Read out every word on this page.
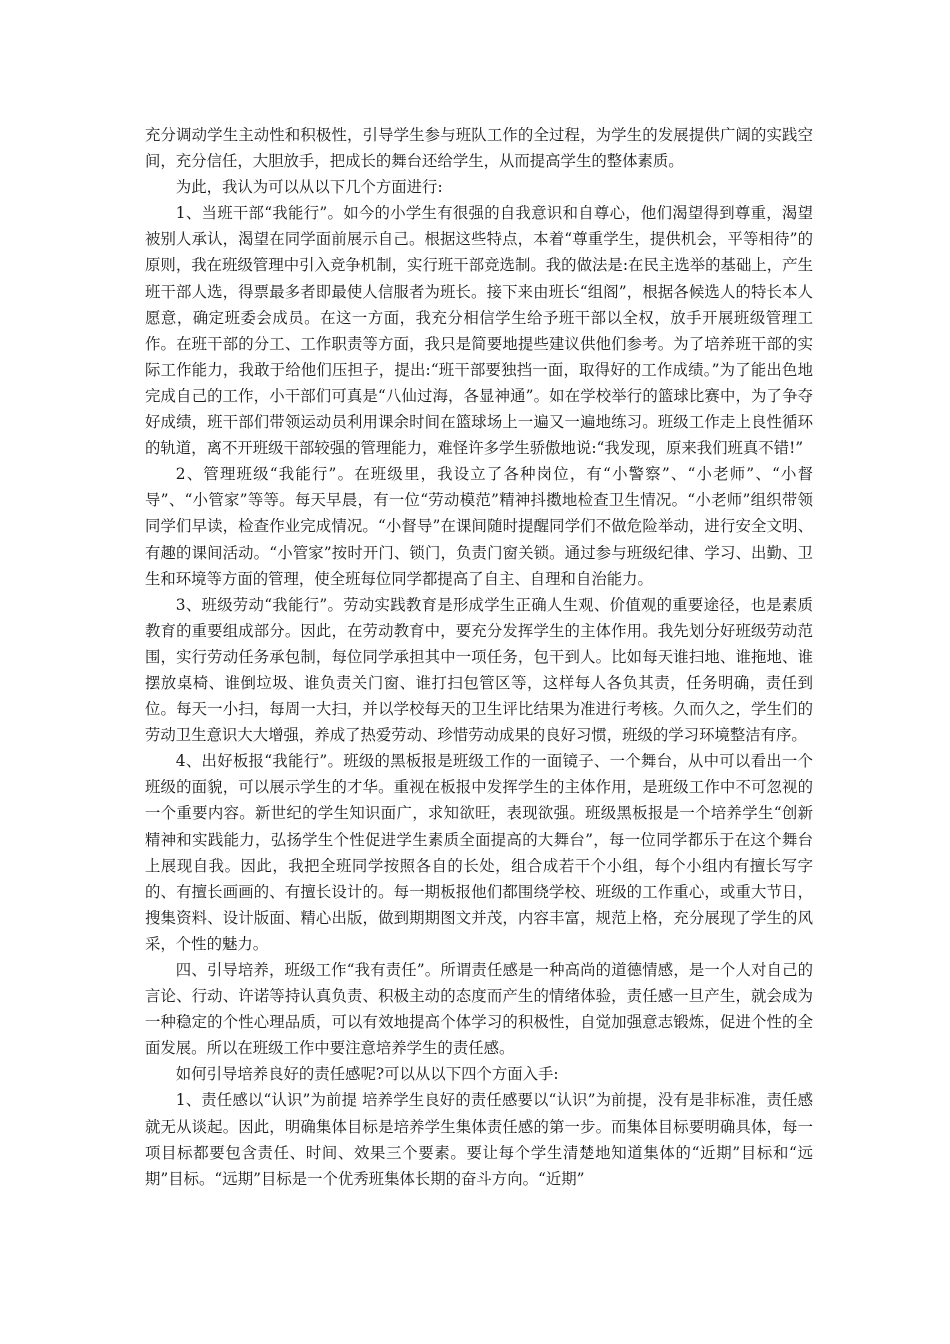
充分调动学生主动性和积极性，引导学生参与班队工作的全过程，为学生的发展提供广阔的实践空间，充分信任，大胆放手，把成长的舞台还给学生，从而提高学生的整体素质。

为此，我认为可以从以下几个方面进行:

1、当班干部“我能行”。如今的小学生有很强的自我意识和自尊心，他们渴望得到尊重，渴望被别人承认，渴望在同学面前展示自己。根据这些特点，本着“尊重学生，提供机会，平等相待”的原则，我在班级管理中引入竞争机制，实行班干部竞选制。我的做法是:在民主选举的基础上，产生班干部人选，得票最多者即最使人信服者为班长。接下来由班长“组阁”，根据各候选人的特长本人愿意，确定班委会成员。在这一方面，我充分相信学生给予班干部以全权，放手开展班级管理工作。在班干部的分工、工作职责等方面，我只是简要地提些建议供他们参考。为了培养班干部的实际工作能力，我敢于给他们压担子，提出:“班干部要独挡一面，取得好的工作成绩。”为了能出色地完成自己的工作，小干部们可真是“八仙过海，各显神通”。如在学校举行的篮球比赛中，为了争夺好成绩，班干部们带领运动员利用课余时间在篮球场上一遍又一遍地练习。班级工作走上良性循环的轨道，离不开班级干部较强的管理能力，难怪许多学生骄傲地说:“我发现，原来我们班真不错!”

2、管理班级“我能行”。在班级里，我设立了各种岗位，有“小警察”、“小老师”、“小督导”、“小管家”等等。每天早晨，有一位“劳动模范”精神抖擞地检查卫生情况。“小老师”组织带领同学们早读，检查作业完成情况。“小督导”在课间随时提醒同学们不做危险举动，进行安全文明、有趣的课间活动。“小管家”按时开门、锁门，负责门窗关锁。通过参与班级纪律、学习、出勤、卫生和环境等方面的管理，使全班每位同学都提高了自主、自理和自治能力。

3、班级劳动“我能行”。劳动实践教育是形成学生正确人生观、价值观的重要途径，也是素质教育的重要组成部分。因此，在劳动教育中，要充分发挥学生的主体作用。我先划分好班级劳动范围，实行劳动任务承包制，每位同学承担其中一项任务，包干到人。比如每天谁扫地、谁拖地、谁摆放桌椅、谁倒垃圾、谁负责关门窗、谁打扫包管区等，这样每人各负其责，任务明确，责任到位。每天一小扫，每周一大扫，并以学校每天的卫生评比结果为准进行考核。久而久之，学生们的劳动卫生意识大大增强，养成了热爱劳动、珍惜劳动成果的良好习惯，班级的学习环境整洁有序。

4、出好板报“我能行”。班级的黑板报是班级工作的一面镜子、一个舞台，从中可以看出一个班级的面貌，可以展示学生的才华。重视在板报中发挥学生的主体作用，是班级工作中不可忽视的一个重要内容。新世纪的学生知识面广，求知欲旺，表现欲强。班级黑板报是一个培养学生“创新精神和实践能力，弘扬学生个性促进学生素质全面提高的大舞台”，每一位同学都乐于在这个舞台上展现自我。因此，我把全班同学按照各自的长处，组合成若干个小组，每个小组内有擅长写字的、有擅长画画的、有擅长设计的。每一期板报他们都围绕学校、班级的工作重心，或重大节日，搜集资料、设计版面、精心出版，做到期期图文并茂，内容丰富，规范上格，充分展现了学生的风采，个性的魅力。

四、引导培养，班级工作“我有责任”。所谓责任感是一种高尚的道德情感，是一个人对自己的言论、行动、许诺等持认真负责、积极主动的态度而产生的情绪体验，责任感一旦产生，就会成为一种稳定的个性心理品质，可以有效地提高个体学习的积极性，自觉加强意志锻炼，促进个性的全面发展。所以在班级工作中要注意培养学生的责任感。

如何引导培养良好的责任感呢?可以从以下四个方面入手:

1、责任感以“认识”为前提 培养学生良好的责任感要以“认识”为前提，没有是非标准，责任感就无从谈起。因此，明确集体目标是培养学生集体责任感的第一步。而集体目标要明确具体，每一项目标都要包含责任、时间、效果三个要素。要让每个学生清楚地知道集体的“近期”目标和“远期”目标。“远期”目标是一个优秀班集体长期的奋斗方向。“近期”
